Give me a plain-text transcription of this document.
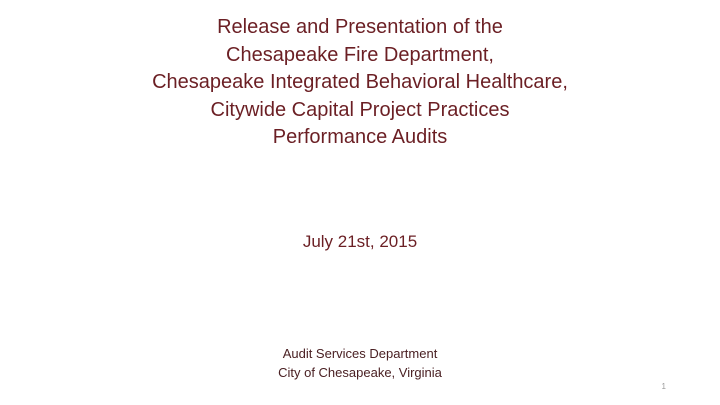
Release and Presentation of the
Chesapeake Fire Department,
Chesapeake Integrated Behavioral Healthcare,
Citywide Capital Project Practices
Performance Audits
July 21st, 2015
Audit Services Department
City of Chesapeake, Virginia
1
